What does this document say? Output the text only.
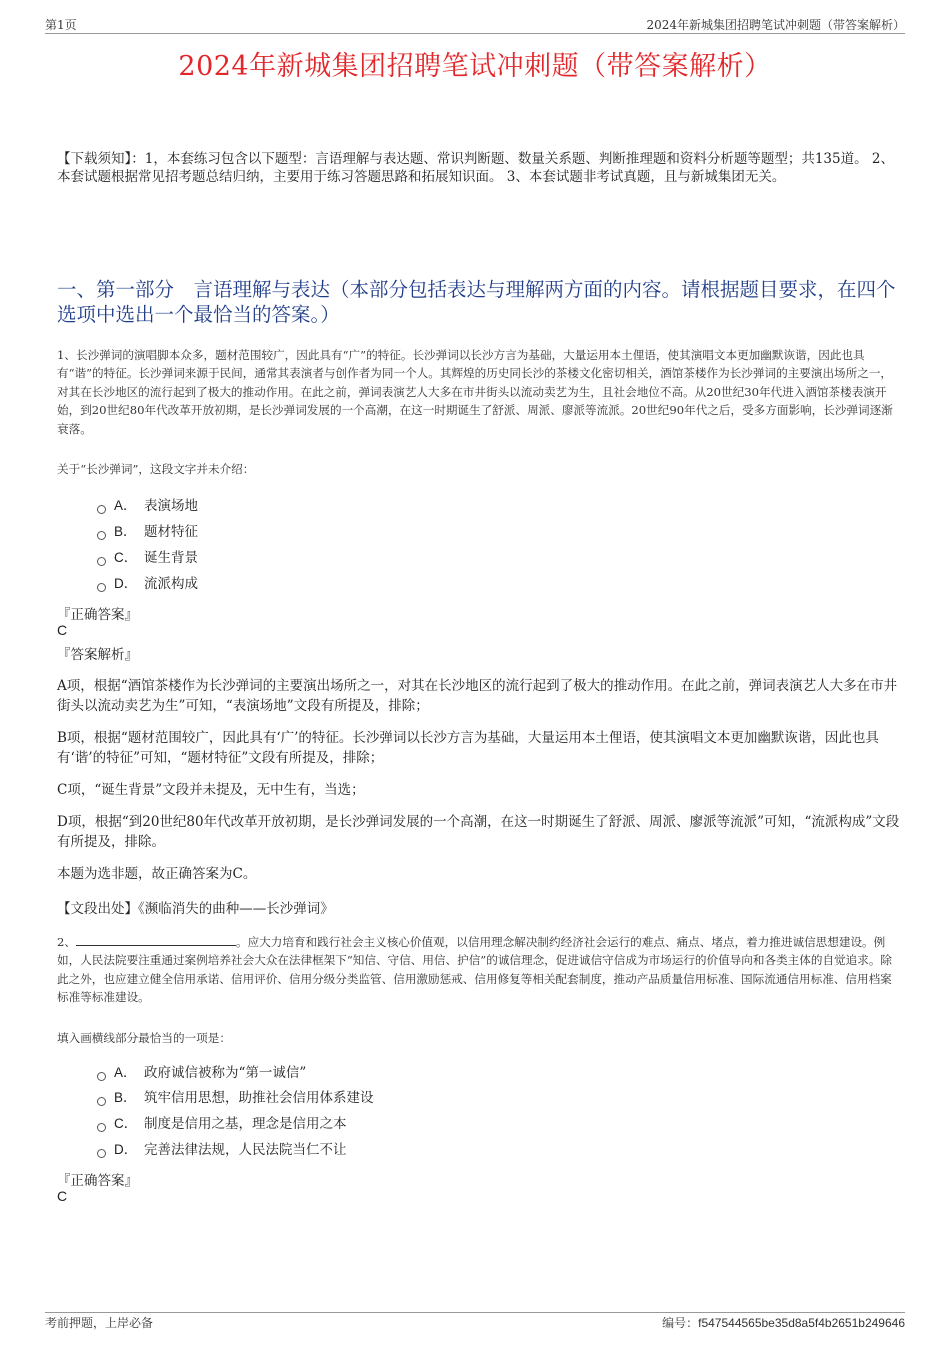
第1页	2024年新城集团招聘笔试冲刺题（带答案解析）
2024年新城集团招聘笔试冲刺题（带答案解析）
【下载须知】：1，本套练习包含以下题型：言语理解与表达题、常识判断题、数量关系题、判断推理题和资料分析题等题型；共135道。 2、本套试题根据常见招考题总结归纳，主要用于练习答题思路和拓展知识面。 3、本套试题非考试真题，且与新城集团无关。
一、第一部分　言语理解与表达（本部分包括表达与理解两方面的内容。请根据题目要求，在四个选项中选出一个最恰当的答案。）
1、长沙弹词的演唱脚本众多，题材范围较广，因此具有“广”的特征。长沙弹词以长沙方言为基础，大量运用本土俚语，使其演唱文本更加幽默诙谐，因此也具有“谐”的特征。长沙弹词来源于民间，通常其表演者与创作者为同一个人。其辉煌的历史同长沙的茶楼文化密切相关，酒馆茶楼作为长沙弹词的主要演出场所之一，对其在长沙地区的流行起到了极大的推动作用。在此之前，弹词表演艺人大多在市井街头以流动卖艺为生，且社会地位不高。从20世纪30年代进入酒馆茶楼表演开始，到20世纪80年代改革开放初期，是长沙弹词发展的一个高潮，在这一时期诞生了舒派、周派、廖派等流派。20世纪90年代之后，受多方面影响，长沙弹词逐渐衰落。
关于“长沙弹词”，这段文字并未介绍：
A． 表演场地
B． 题材特征
C． 诞生背景
D． 流派构成
『正确答案』
C
『答案解析』
A项，根据“酒馆茶楼作为长沙弹词的主要演出场所之一，对其在长沙地区的流行起到了极大的推动作用。在此之前，弹词表演艺人大多在市井街头以流动卖艺为生”可知，“表演场地”文段有所提及，排除；
B项，根据“题材范围较广，因此具有‘广’的特征。长沙弹词以长沙方言为基础，大量运用本土俚语，使其演唱文本更加幽默诙谐，因此也具有‘谐’的特征”可知，“题材特征”文段有所提及，排除；
C项，“诞生背景”文段并未提及，无中生有，当选；
D项，根据“到20世纪80年代改革开放初期，是长沙弹词发展的一个高潮，在这一时期诞生了舒派、周派、廖派等流派”可知，“流派构成”文段有所提及，排除。
本题为选非题，故正确答案为C。
【文段出处】《濒临消失的曲种——长沙弹词》
2、	。应大力培育和践行社会主义核心价值观，以信用理念解决制约经济社会运行的难点、痛点、堵点，着力推进诚信思想建设。例如，人民法院要注重通过案例培养社会大众在法律框架下“知信、守信、用信、护信”的诚信理念，促进诚信守信成为市场运行的价值导向和各类主体的自觉追求。除此之外，也应建立健全信用承诺、信用评价、信用分级分类监管、信用激励惩戒、信用修复等相关配套制度，推动产品质量信用标准、国际流通信用标准、信用档案标准等标准建设。
填入画横线部分最恰当的一项是：
A． 政府诚信被称为“第一诚信”
B． 筑牢信用思想，助推社会信用体系建设
C． 制度是信用之基，理念是信用之本
D． 完善法律法规，人民法院当仁不让
『正确答案』
C
考前押题，上岸必备	编号：f547544565be35d8a5f4b2651b249646
